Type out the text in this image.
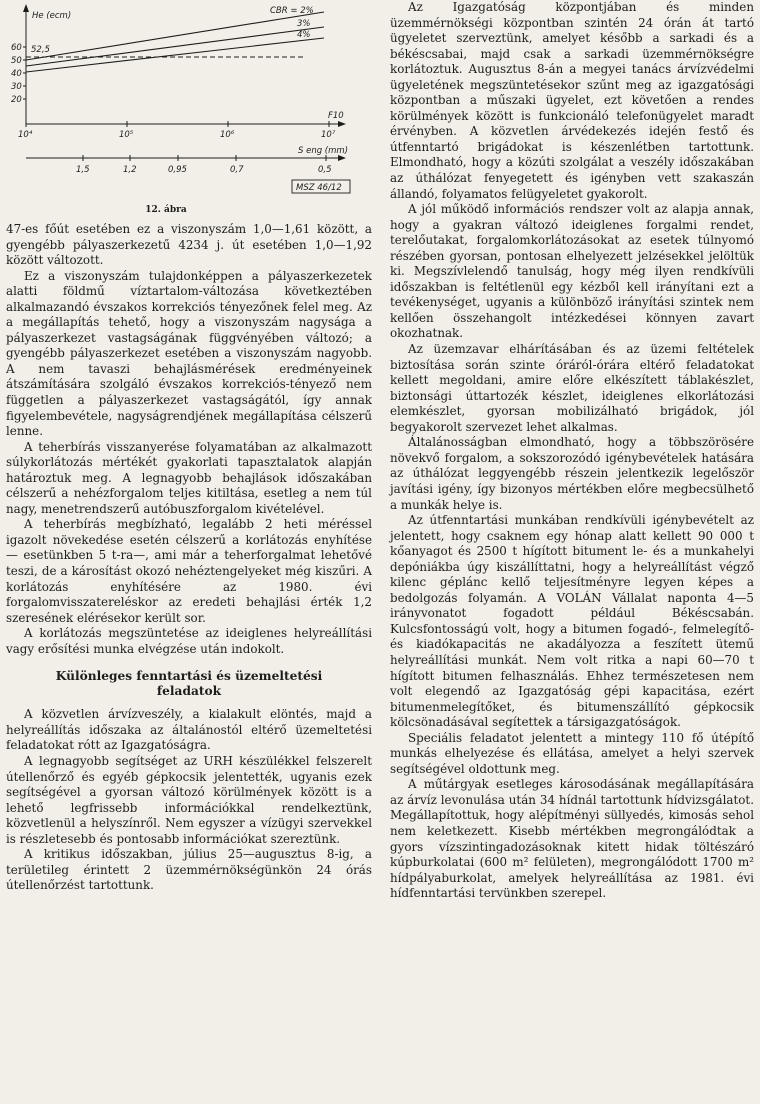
He (ecm)
60
50
40
30
20
52,5
CBR = 2%
3%
4%
F10
10⁴	10⁵	10⁶	10⁷
S eng (mm)
1,5	1,2	0,95	0,7	0,5
MSZ 46/12
12. ábra

47-es főút esetében ez a viszonyszám 1,0—1,61 között, a gyengébb pályaszerkezetű 4234 j. út esetében 1,0—1,92 között változott.

Ez a viszonyszám tulajdonképpen a pályaszerkezetek alatti földmű víztartalom-változása következtében alkalmazandó évszakos korrekciós tényezőnek felel meg. Az a megállapítás tehető, hogy a viszonyszám nagysága a pályaszerkezet vastagságának függvényében változó; a gyengébb pályaszerkezet esetében a viszonyszám nagyobb. A nem tavaszi behajlásmérések eredményeinek átszámítására szolgáló évszakos korrekciós-tényező nem független a pályaszerkezet vastagságától, így annak figyelembevétele, nagyságrendjének megállapítása célszerű lenne.

A teherbírás visszanyerése folyamatában az alkalmazott súlykorlátozás mértékét gyakorlati tapasztalatok alapján határoztuk meg. A legnagyobb behajlások időszakában célszerű a nehézforgalom teljes kitiltása, esetleg a nem túl nagy, menetrendszerű autóbuszforgalom kivételével.

A teherbírás megbízható, legalább 2 heti méréssel igazolt növekedése esetén célszerű a korlátozás enyhítése — esetünkben 5 t-ra—, ami már a teherforgalmat lehetővé teszi, de a károsítást okozó nehéztengelyeket még kiszűri. A korlátozás enyhítésére az 1980. évi forgalomvisszatereléskor az eredeti behajlási érték 1,2 szeresének elérésekor került sor.

A korlátozás megszüntetése az ideiglenes helyreállítási vagy erősítési munka elvégzése után indokolt.

Különleges fenntartási és üzemeltetési
feladatok

A közvetlen árvízveszély, a kialakult elöntés, majd a helyreállítás időszaka az általánostól eltérő üzemeltetési feladatokat rótt az Igazgatóságra.

A legnagyobb segítséget az URH készülékkel felszerelt útellenőrző és egyéb gépkocsik jelentették, ugyanis ezek segítségével a gyorsan változó körülmények között is a lehető legfrissebb információkkal rendelkeztünk, közvetlenül a helyszínről. Nem egyszer a vízügyi szervekkel is részletesebb és pontosabb információkat szereztünk.

A kritikus időszakban, július 25—augusztus 8-ig, a területileg érintett 2 üzemmérnökségünkön 24 órás útellenőrzést tartottunk.

Az Igazgatóság központjában és minden üzemmérnökségi központban szintén 24 órán át tartó ügyeletet szerveztünk, amelyet később a sarkadi és a békéscsabai, majd csak a sarkadi üzemmérnökségre korlátoztuk. Augusztus 8-án a megyei tanács árvízvédelmi ügyeletének megszüntetésekor szűnt meg az igazgatósági központban a műszaki ügyelet, ezt követően a rendes körülmények között is funkcionáló telefonügyelet maradt érvényben. A közvetlen árvédekezés idején festő és útfenntartó brigádokat is készenlétben tartottunk. Elmondható, hogy a közúti szolgálat a veszély időszakában az úthálózat fenyegetett és igényben vett szakaszán állandó, folyamatos felügyeletet gyakorolt.

A jól működő információs rendszer volt az alapja annak, hogy a gyakran változó ideiglenes forgalmi rendet, terelőutakat, forgalomkorlátozásokat az esetek túlnyomó részében gyorsan, pontosan elhelyezett jelzésekkel jelöltük ki. Megszívlelendő tanulság, hogy még ilyen rendkívüli időszakban is feltétlenül egy kézből kell irányítani ezt a tevékenységet, ugyanis a különböző irányítási szintek nem kellően összehangolt intézkedései könnyen zavart okozhatnak.

Az üzemzavar elhárításában és az üzemi feltételek biztosítása során szinte óráról-órára eltérő feladatokat kellett megoldani, amire előre elkészített táblakészlet, biztonsági úttartozék készlet, ideiglenes elkorlátozási elemkészlet, gyorsan mobilizálható brigádok, jól begyakorolt szervezet lehet alkalmas.

Általánosságban elmondható, hogy a többszörösére növekvő forgalom, a sokszorozódó igénybevételek hatására az úthálózat leggyengébb részein jelentkezik legelőször javítási igény, így bizonyos mértékben előre megbecsülhető a munkák helye is.

Az útfenntartási munkában rendkívüli igénybevételt az jelentett, hogy csaknem egy hónap alatt kellett 90 000 t kőanyagot és 2500 t hígított bitument le- és a munkahelyi depóniákba úgy kiszállíttatni, hogy a helyreállítást végző kilenc géplánc kellő teljesítményre legyen képes a bedolgozás folyamán. A VOLÁN Vállalat naponta 4—5 irányvonatot fogadott például Békéscsabán. Kulcsfontosságú volt, hogy a bitumen fogadó-, felmelegítő- és kiadókapacitás ne akadályozza a feszített ütemű helyreállítási munkát. Nem volt ritka a napi 60—70 t hígított bitumen felhasználás. Ehhez természetesen nem volt elegendő az Igazgatóság gépi kapacitása, ezért bitumenmelegítőket, és bitumenszállító gépkocsik kölcsönadásával segítettek a társigazgatóságok.

Speciális feladatot jelentett a mintegy 110 fő útépítő munkás elhelyezése és ellátása, amelyet a helyi szervek segítségével oldottunk meg.

A műtárgyak esetleges károsodásának megállapítására az árvíz levonulása után 34 hídnál tartottunk hídvizsgálatot. Megállapítottuk, hogy alépítményi süllyedés, kimosás sehol nem keletkezett. Kisebb mértékben megrongálódtak a gyors vízszintingadozásoknak kitett hidak töltészáró kúpburkolatai (600 m² felületen), megrongálódott 1700 m² hídpályaburkolat, amelyek helyreállítása az 1981. évi hídfenntartási tervünkben szerepel.
